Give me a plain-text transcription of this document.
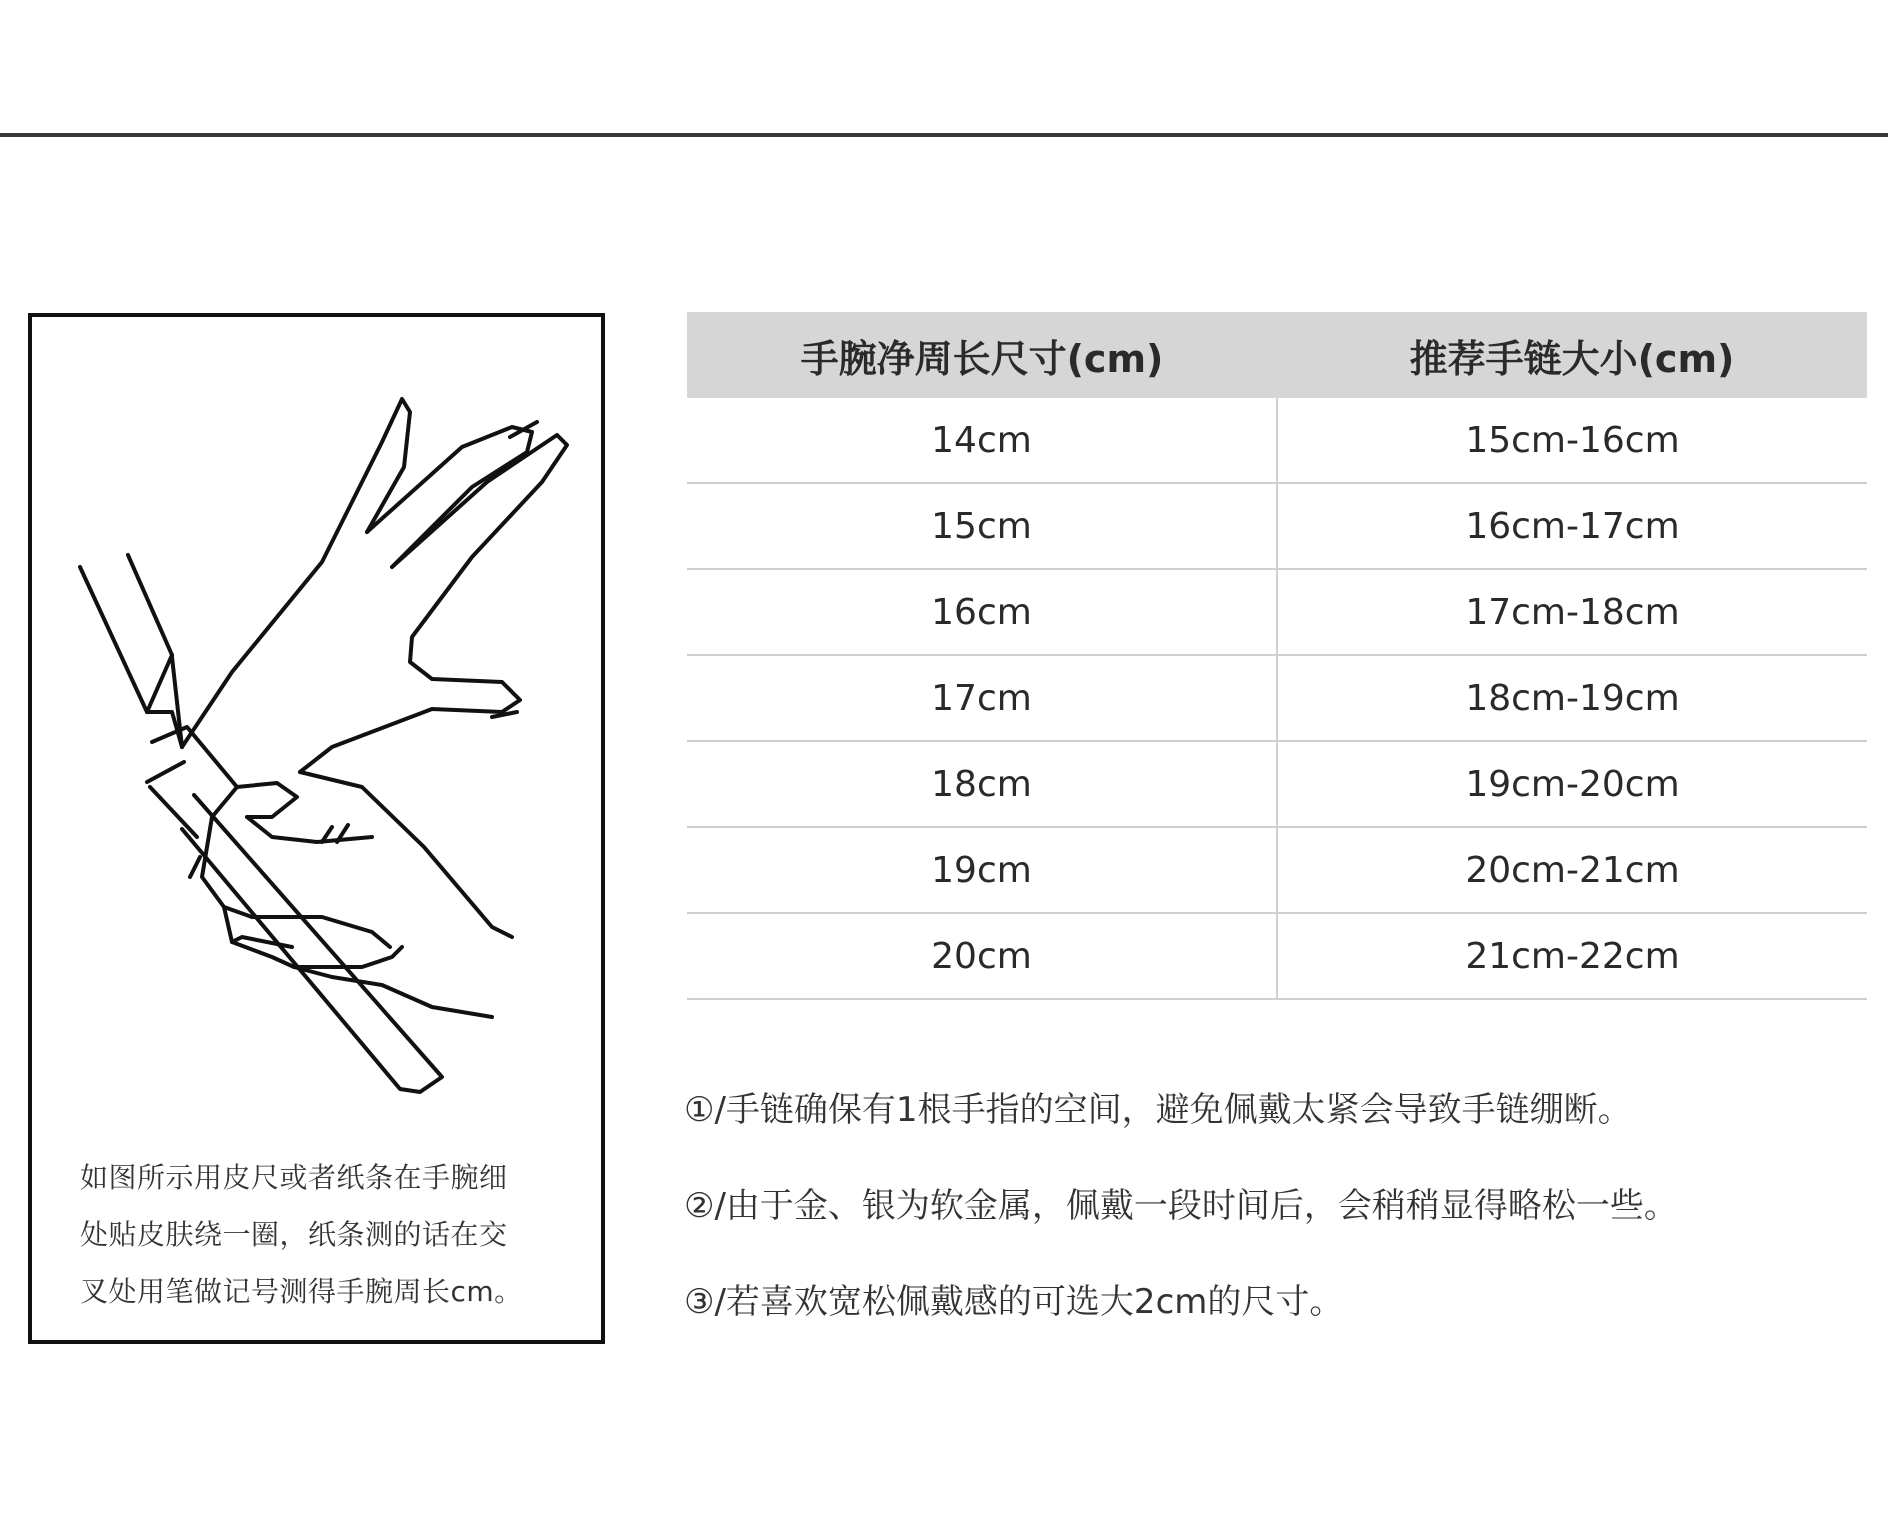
如图所示用皮尺或者纸条在手腕细
处贴皮肤绕一圈，纸条测的话在交
叉处用笔做记号测得手腕周长cm。

手腕净周长尺寸(cm)	推荐手链大小(cm)
14cm	15cm-16cm
15cm	16cm-17cm
16cm	17cm-18cm
17cm	18cm-19cm
18cm	19cm-20cm
19cm	20cm-21cm
20cm	21cm-22cm
①/手链确保有1根手指的空间，避免佩戴太紧会导致手链绷断。
②/由于金、银为软金属，佩戴一段时间后，会稍稍显得略松一些。
③/若喜欢宽松佩戴感的可选大2cm的尺寸。
